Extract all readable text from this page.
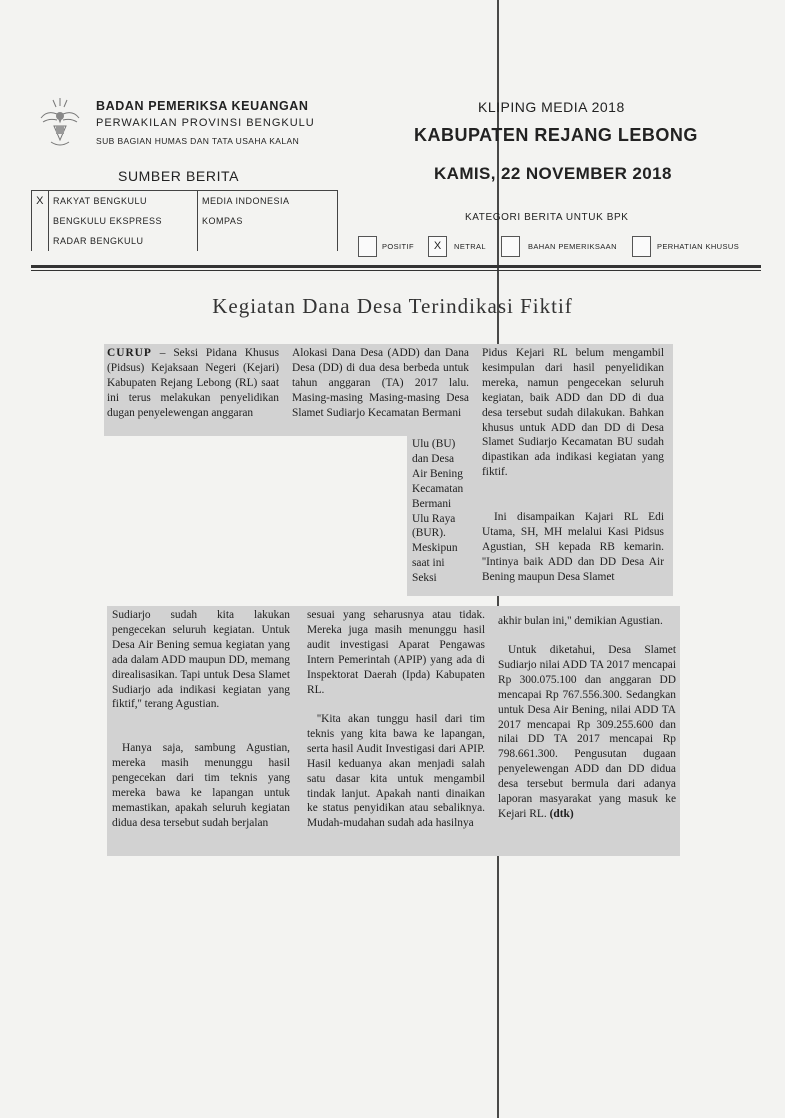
BADAN PEMERIKSA KEUANGAN
PERWAKILAN PROVINSI BENGKULU
SUB BAGIAN HUMAS DAN TATA USAHA KALAN
KLIPING MEDIA 2018
KABUPATEN REJANG LEBONG
KAMIS, 22 NOVEMBER 2018
SUMBER BERITA
X	RAKYAT BENGKULU	MEDIA INDONESIA
	BENGKULU EKSPRESS	KOMPAS
	RADAR BENGKULU	
KATEGORI BERITA UNTUK BPK
POSITIF	X	NETRAL	BAHAN PEMERIKSAAN	PERHATIAN KHUSUS
Kegiatan Dana Desa Terindikasi Fiktif

CURUP – Seksi Pidana Khusus (Pidsus) Kejaksaan Negeri (Kejari) Kabupaten Rejang Lebong (RL) saat ini terus melakukan penyelidikan dugan penyelewengan anggaran

Alokasi Dana Desa (ADD) dan Dana Desa (DD) di dua desa berbeda untuk tahun anggaran (TA) 2017 lalu. Masing-masing Masing-masing Desa Slamet Sudiarjo Kecamatan Bermani

Ulu (BU) dan Desa Air Bening Kecamatan Bermani Ulu Raya (BUR). Meskipun saat ini Seksi

Pidus Kejari RL belum mengambil kesimpulan dari hasil penyelidikan mereka, namun pengecekan seluruh kegiatan, baik ADD dan DD di dua desa tersebut sudah dilakukan. Bahkan khusus untuk ADD dan DD di Desa Slamet Sudiarjo Kecamatan BU sudah dipastikan ada indikasi kegiatan yang fiktif.

Ini disampaikan Kajari RL Edi Utama, SH, MH melalui Kasi Pidsus Agustian, SH kepada RB kemarin. ''Intinya baik ADD dan DD Desa Air Bening maupun Desa Slamet

Sudiarjo sudah kita lakukan pengecekan seluruh kegiatan. Untuk Desa Air Bening semua kegiatan yang ada dalam ADD maupun DD, memang direalisasikan. Tapi untuk Desa Slamet Sudiarjo ada indikasi kegiatan yang fiktif,'' terang Agustian.

Hanya saja, sambung Agustian, mereka masih menunggu hasil pengecekan dari tim teknis yang mereka bawa ke lapangan untuk memastikan, apakah seluruh kegiatan didua desa tersebut sudah berjalan

sesuai yang seharusnya atau tidak. Mereka juga masih menunggu hasil audit investigasi Aparat Pengawas Intern Pemerintah (APIP) yang ada di Inspektorat Daerah (Ipda) Kabupaten RL.

''Kita akan tunggu hasil dari tim teknis yang kita bawa ke lapangan, serta hasil Audit Investigasi dari APIP. Hasil keduanya akan menjadi salah satu dasar kita untuk mengambil tindak lanjut. Apakah nanti dinaikan ke status penyidikan atau sebaliknya. Mudah-mudahan sudah ada hasilnya

akhir bulan ini,'' demikian Agustian.

Untuk diketahui, Desa Slamet Sudiarjo nilai ADD TA 2017 mencapai Rp 300.075.100 dan anggaran DD mencapai Rp 767.556.300. Sedangkan untuk Desa Air Bening, nilai ADD TA 2017 mencapai Rp 309.255.600 dan nilai DD TA 2017 mencapai Rp 798.661.300. Pengusutan dugaan penyelewengan ADD dan DD didua desa tersebut bermula dari adanya laporan masyarakat yang masuk ke Kejari RL. (dtk)
